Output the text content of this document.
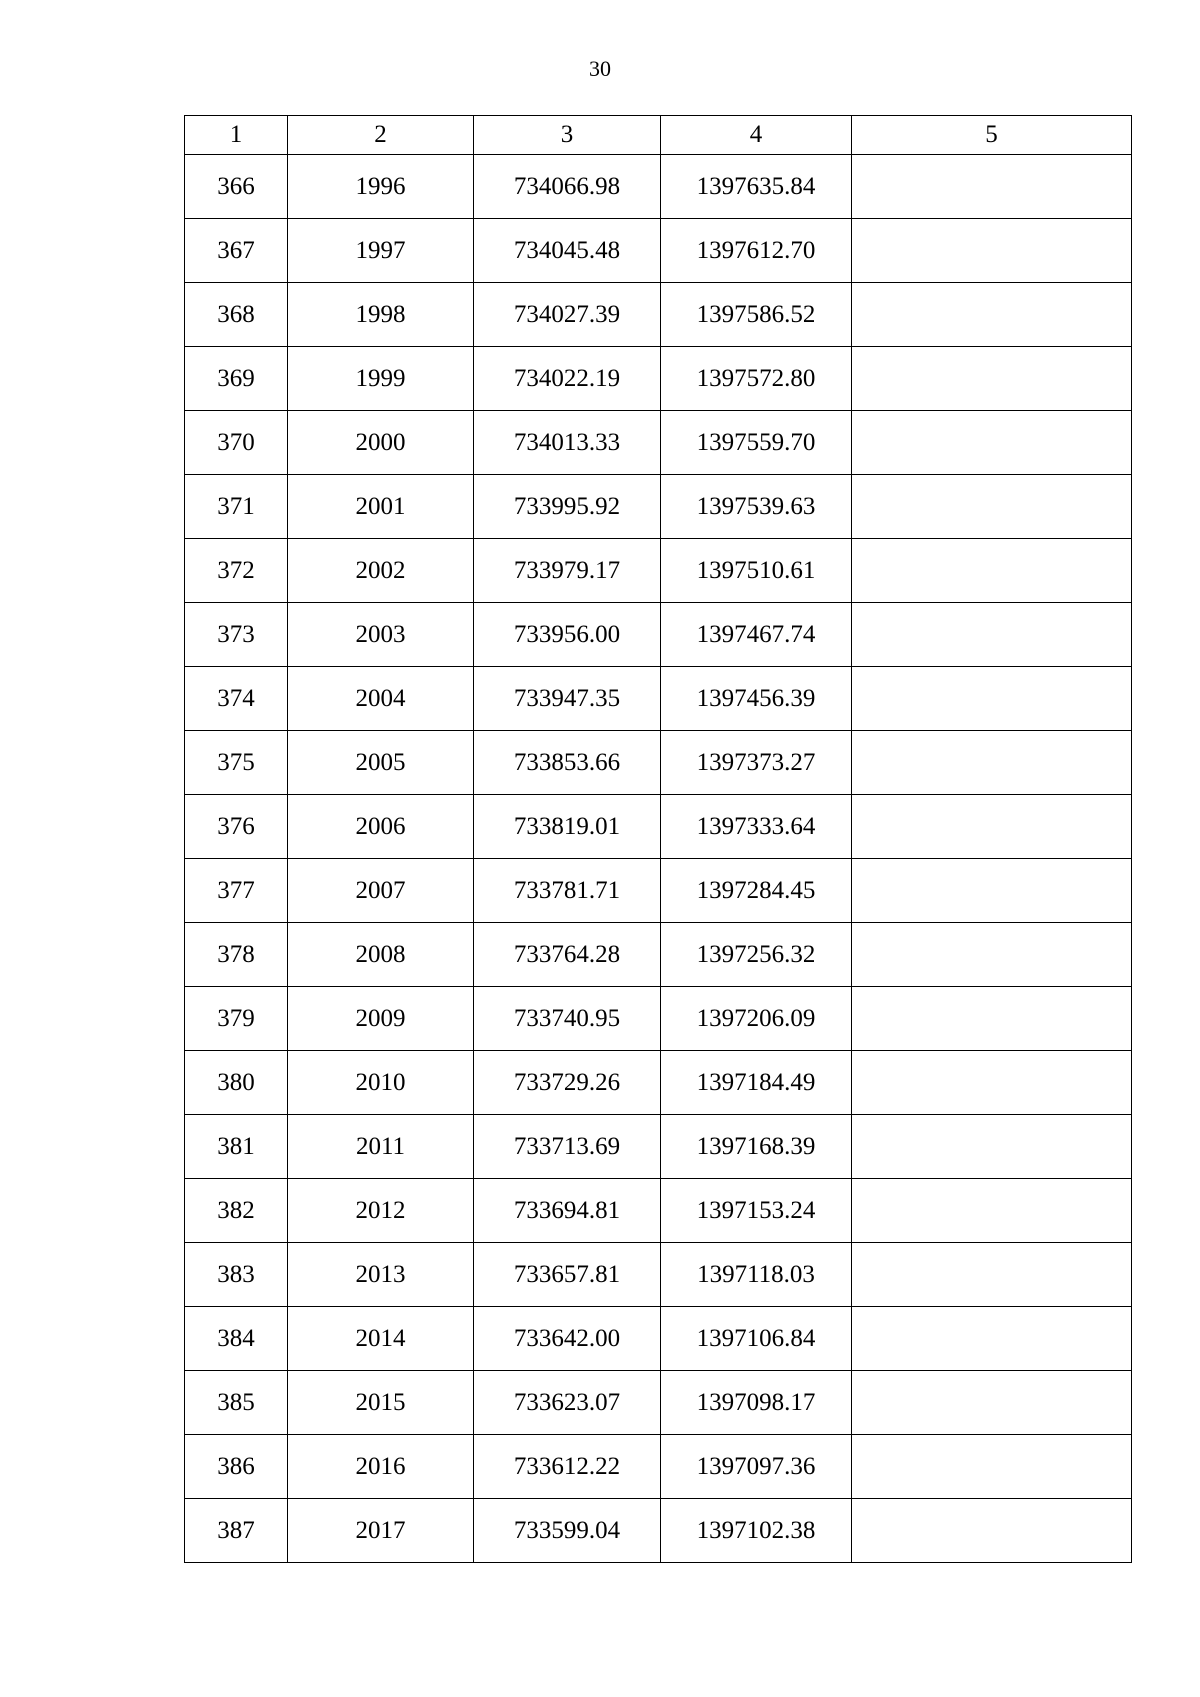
30
1	2	3	4	5
366	1996	734066.98	1397635.84	
367	1997	734045.48	1397612.70	
368	1998	734027.39	1397586.52	
369	1999	734022.19	1397572.80	
370	2000	734013.33	1397559.70	
371	2001	733995.92	1397539.63	
372	2002	733979.17	1397510.61	
373	2003	733956.00	1397467.74	
374	2004	733947.35	1397456.39	
375	2005	733853.66	1397373.27	
376	2006	733819.01	1397333.64	
377	2007	733781.71	1397284.45	
378	2008	733764.28	1397256.32	
379	2009	733740.95	1397206.09	
380	2010	733729.26	1397184.49	
381	2011	733713.69	1397168.39	
382	2012	733694.81	1397153.24	
383	2013	733657.81	1397118.03	
384	2014	733642.00	1397106.84	
385	2015	733623.07	1397098.17	
386	2016	733612.22	1397097.36	
387	2017	733599.04	1397102.38	
